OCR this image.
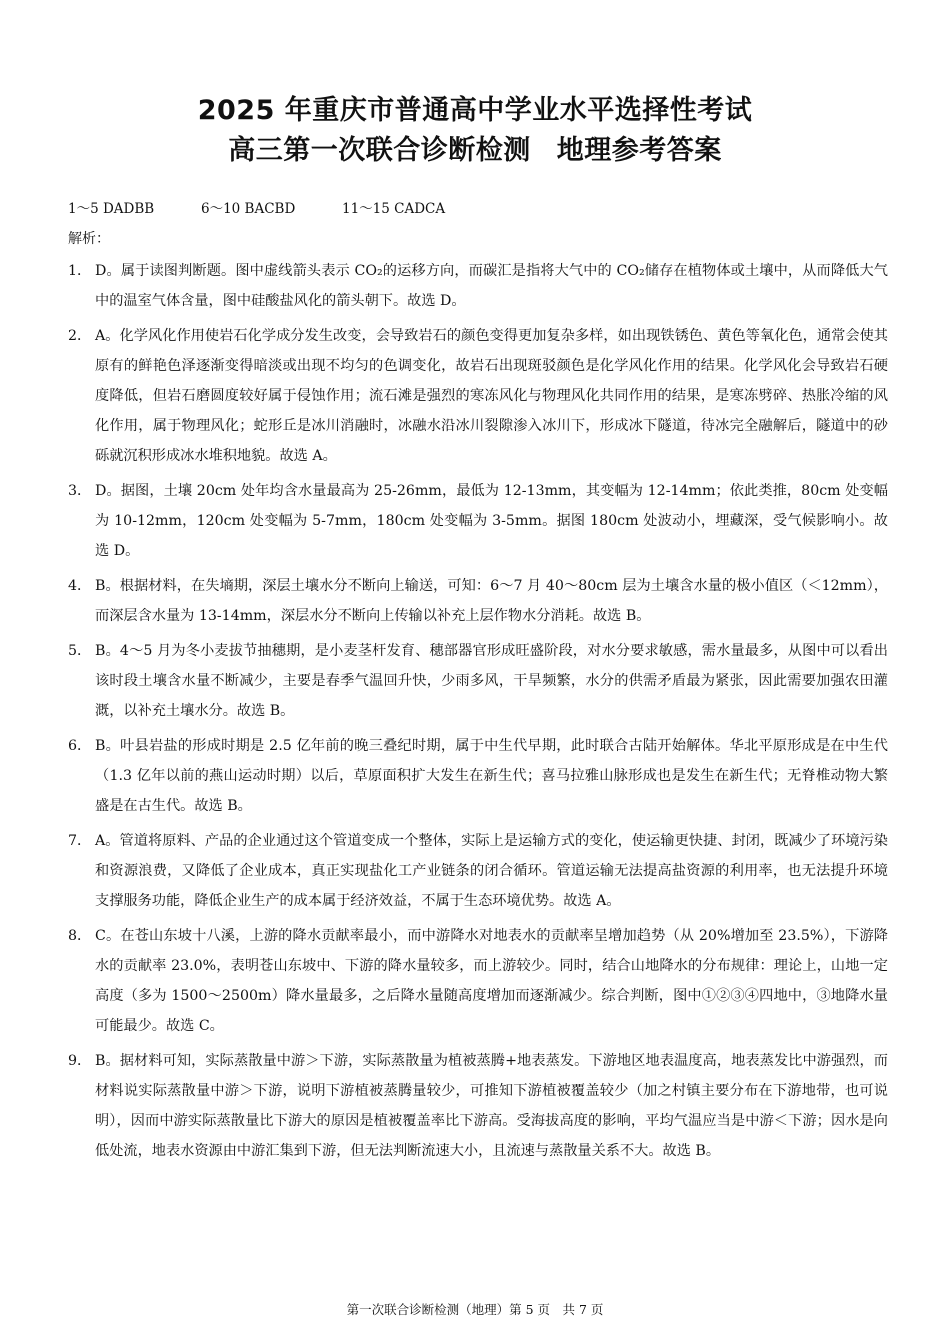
2025 年重庆市普通高中学业水平选择性考试
高三第一次联合诊断检测 地理参考答案
1～5 DADBB	6～10 BACBD	11～15 CADCA
解析：
1． D。属于读图判断题。图中虚线箭头表示 CO₂的运移方向，而碳汇是指将大气中的 CO₂储存在植物体或土壤中，从而降低大气中的温室气体含量，图中硅酸盐风化的箭头朝下。故选 D。
2． A。化学风化作用使岩石化学成分发生改变，会导致岩石的颜色变得更加复杂多样，如出现铁锈色、黄色等氧化色，通常会使其原有的鲜艳色泽逐渐变得暗淡或出现不均匀的色调变化，故岩石出现斑驳颜色是化学风化作用的结果。化学风化会导致岩石硬度降低，但岩石磨圆度较好属于侵蚀作用；流石滩是强烈的寒冻风化与物理风化共同作用的结果，是寒冻劈碎、热胀冷缩的风化作用，属于物理风化；蛇形丘是冰川消融时，冰融水沿冰川裂隙渗入冰川下，形成冰下隧道，待冰完全融解后，隧道中的砂砾就沉积形成冰水堆积地貌。故选 A。
3． D。据图，土壤 20cm 处年均含水量最高为 25-26mm，最低为 12-13mm，其变幅为 12-14mm；依此类推，80cm 处变幅为 10-12mm，120cm 处变幅为 5-7mm，180cm 处变幅为 3-5mm。据图 180cm 处波动小，埋藏深，受气候影响小。故选 D。
4． B。根据材料，在失墒期，深层土壤水分不断向上输送，可知：6～7 月 40～80cm 层为土壤含水量的极小值区（＜12mm），而深层含水量为 13-14mm，深层水分不断向上传输以补充上层作物水分消耗。故选 B。
5． B。4～5 月为冬小麦拔节抽穗期，是小麦茎杆发育、穗部器官形成旺盛阶段，对水分要求敏感，需水量最多，从图中可以看出该时段土壤含水量不断减少，主要是春季气温回升快，少雨多风，干旱频繁，水分的供需矛盾最为紧张，因此需要加强农田灌溉，以补充土壤水分。故选 B。
6． B。叶县岩盐的形成时期是 2.5 亿年前的晚三叠纪时期，属于中生代早期，此时联合古陆开始解体。华北平原形成是在中生代（1.3 亿年以前的燕山运动时期）以后，草原面积扩大发生在新生代；喜马拉雅山脉形成也是发生在新生代；无脊椎动物大繁盛是在古生代。故选 B。
7． A。管道将原料、产品的企业通过这个管道变成一个整体，实际上是运输方式的变化，使运输更快捷、封闭，既减少了环境污染和资源浪费，又降低了企业成本，真正实现盐化工产业链条的闭合循环。管道运输无法提高盐资源的利用率，也无法提升环境支撑服务功能，降低企业生产的成本属于经济效益，不属于生态环境优势。故选 A。
8． C。在苍山东坡十八溪，上游的降水贡献率最小，而中游降水对地表水的贡献率呈增加趋势（从 20%增加至 23.5%），下游降水的贡献率 23.0%，表明苍山东坡中、下游的降水量较多，而上游较少。同时，结合山地降水的分布规律：理论上，山地一定高度（多为 1500～2500m）降水量最多，之后降水量随高度增加而逐渐减少。综合判断，图中①②③④四地中，③地降水量可能最少。故选 C。
9． B。据材料可知，实际蒸散量中游＞下游，实际蒸散量为植被蒸腾+地表蒸发。下游地区地表温度高，地表蒸发比中游强烈，而材料说实际蒸散量中游＞下游，说明下游植被蒸腾量较少，可推知下游植被覆盖较少（加之村镇主要分布在下游地带，也可说明），因而中游实际蒸散量比下游大的原因是植被覆盖率比下游高。受海拔高度的影响，平均气温应当是中游＜下游；因水是向低处流，地表水资源由中游汇集到下游，但无法判断流速大小，且流速与蒸散量关系不大。故选 B。
第一次联合诊断检测（地理）第 5 页　共 7 页
